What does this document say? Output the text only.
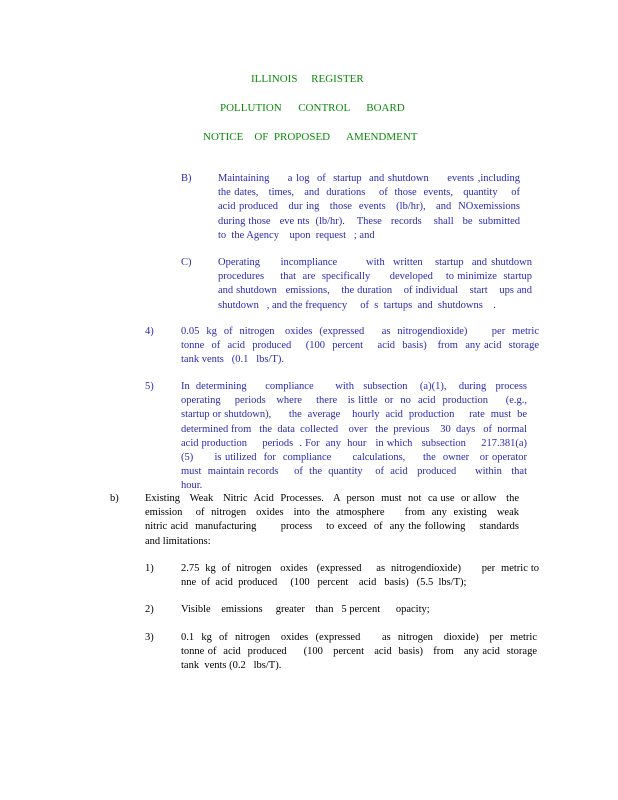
ILLINOIS     REGISTER
POLLUTION      CONTROL      BOARD
NOTICE    OF  PROPOSED      AMENDMENT
B)	Maintaining     a log  of  startup  and shutdown     events ,including    the dates,   times,   and  durations    of  those  events,   quantity    of  acid produced   dur ing   those  events   (lb/hr),   and  NOxemissions      during those   eve nts  (lb/hr).    These   records    shall   be  submitted     to  the Agency    upon  request   ; and
C)	Operating     incompliance       with  written   startup  and shutdown procedures     that  are  specifically      developed    to minimize  startup   and shutdown   emissions,    the duration    of individual    start    ups and shutdown   , and the frequency     of  s  tartups  and  shutdowns    .
4)	0.05  kg  of  nitrogen   oxides  (expressed     as  nitrogendioxide)       per  metric tonne  of  acid  produced    (100  percent    acid  basis)   from  any acid  storage   tank vents   (0.1   lbs/T).
5)	In  determining      compliance       with   subsection    (a)(1),    during   process operating    periods   where    there   is little  or  no  acid  production     (e.g.,  startup or shutdown),      the  average    hourly  acid  production     rate  must  be  determined from   the  data  collected    over   the  previous    30  days   of  normal   acid production     periods  . For  any  hour   in which   subsection     217.381(a)(5)      is utilized  for  compliance      calculations,     the  owner   or operator   must  maintain records     of  the  quantity    of  acid   produced      within   that  hour.
b)	Existing   Weak   Nitric  Acid  Processes.   A  person  must  not  ca use  or allow   the emission    of  nitrogen   oxides   into  the  atmosphere      from  any  existing   weak   nitric acid  manufacturing       process    to exceed  of  any the following    standards     and limitations:
1)	2.75  kg  of  nitrogen   oxides   (expressed     as  nitrogendioxide)       per  metric to nne  of  acid  produced     (100   percent    acid   basis)   (5.5  lbs/T);
2)	Visible    emissions     greater    than   5 percent      opacity;
3)	0.1  kg  of  nitrogen   oxides  (expressed      as  nitrogen   dioxide)   per  metric   tonne of  acid  produced     (100   percent   acid  basis)   from   any acid  storage   tank  vents (0.2   lbs/T).
